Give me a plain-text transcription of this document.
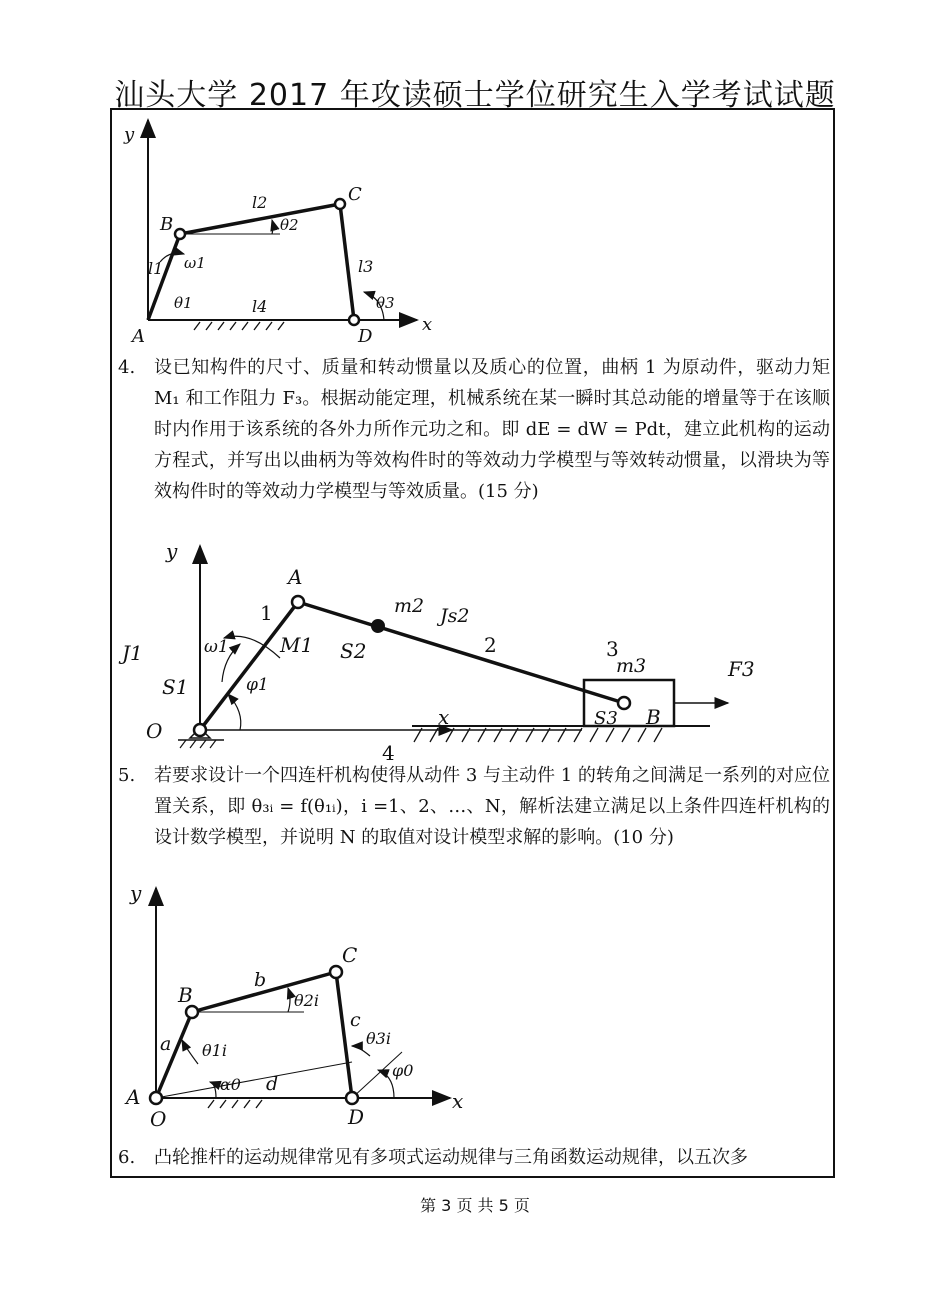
汕头大学 2017 年攻读硕士学位研究生入学考试试题
y
x
A
B
C
D
l1
l2
l3
l4
ω1
θ1
θ2
θ3
4. 设已知构件的尺寸、质量和转动惯量以及质心的位置，曲柄 1 为原动件，驱动力矩 M₁ 和工作阻力 F₃。根据动能定理，机械系统在某一瞬时其总动能的增量等于在该顺时内作用于该系统的各外力所作元功之和。即 dE = dW = Pdt，建立此机构的运动方程式，并写出以曲柄为等效构件时的等效动力学模型与等效转动惯量，以滑块为等效构件时的等效动力学模型与等效质量。(15 分)
y
x
A
O
B
J1
S1
S2
S3
ω1	M1
φ1
m2 Js2
m3	F3
1
2	3
4
5. 若要求设计一个四连杆机构使得从动件 3 与主动件 1 的转角之间满足一系列的对应位置关系，即 θ₃ᵢ = f(θ₁ᵢ)，i =1、2、…、N，解析法建立满足以上条件四连杆机构的设计数学模型，并说明 N 的取值对设计模型求解的影响。(10 分)
y
x
A
O
B
C
D
a
b
c
d
θ1i
θ2i
θ3i
α0
φ0
6. 凸轮推杆的运动规律常见有多项式运动规律与三角函数运动规律，以五次多
第 3 页 共 5 页
